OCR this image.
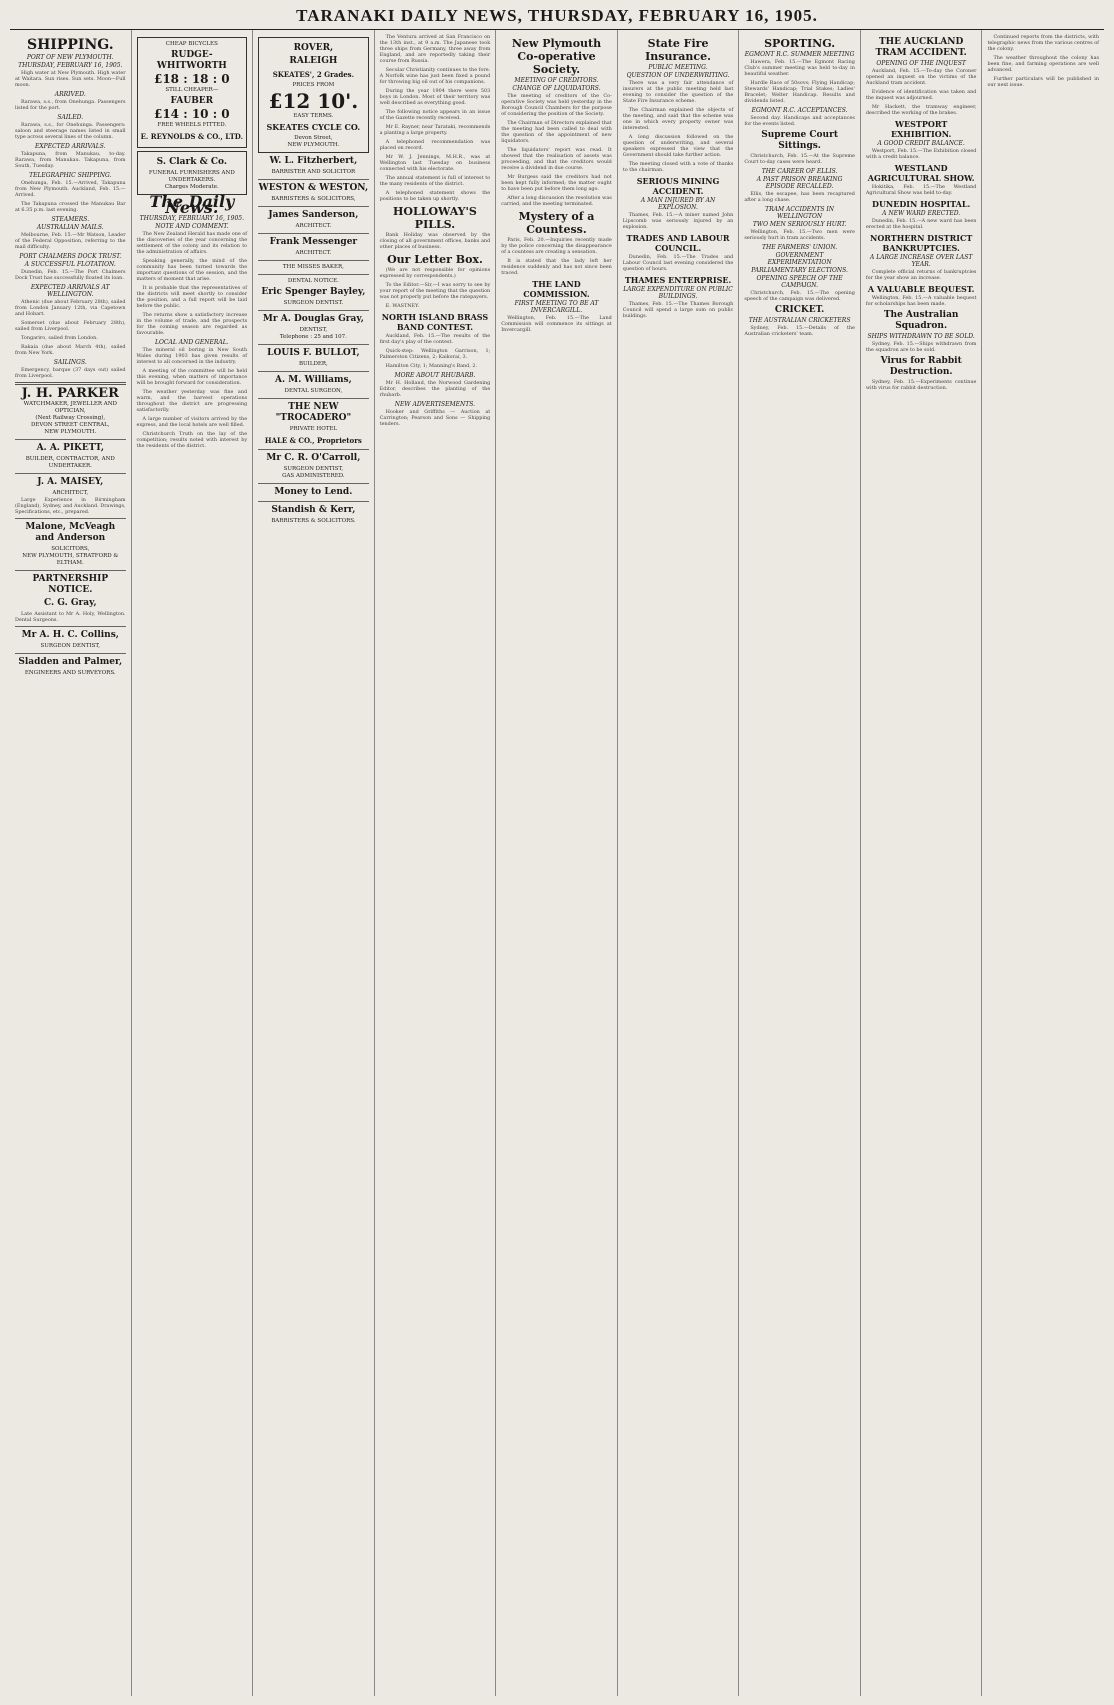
TARANAKI DAILY NEWS, THURSDAY, FEBRUARY 16, 1905.
SHIPPING.
PORT OF NEW PLYMOUTH.
THURSDAY, FEBRUARY 16, 1905.

High water at New Plymouth. High water at Waitara. Sun rises. Sun sets. Moon—Full moon.

ARRIVED.

Rarawa, s.s., from Onehunga. Passengers listed for the port.

SAILED.

Rarawa, s.s., for Onehunga. Passengers: saloon and steerage names listed in small type across several lines of the column.

EXPECTED ARRIVALS.

Takapuna, from Manukau, to-day. Rarawa, from Manukau. Takapuna, from South, Tuesday.

TELEGRAPHIC SHIPPING.

Onehunga, Feb. 15.—Arrived, Takapuna from New Plymouth. Auckland, Feb. 15.—Arrived.

The Takapuna crossed the Manukau Bar at 6.35 p.m. last evening.

STEAMERS.
AUSTRALIAN MAILS.

Melbourne, Feb. 15.—Mr Watson, Leader of the Federal Opposition, referring to the mail difficulty.

PORT CHALMERS DOCK TRUST.
A SUCCESSFUL FLOTATION.

Dunedin, Feb. 15.—The Port Chalmers Dock Trust has successfully floated its loan.

EXPECTED ARRIVALS AT WELLINGTON.

Athenic (due about February 28th), sailed from London January 12th, via Capetown and Hobart.

Somerset (due about February 28th), sailed from Liverpool.

Tongariro, sailed from London.

Rakaia (due about March 4th), sailed from New York.

SAILINGS.

Emergency, barque (37 days out) sailed from Liverpool.

J. H. PARKER
WATCHMAKER, JEWELLER AND
OPTICIAN,
(Next Railway Crossing),
DEVON STREET CENTRAL,
NEW PLYMOUTH.
A. A. PIKETT,
BUILDER, CONTRACTOR, AND UNDERTAKER.
J. A. MAISEY,
ARCHITECT,

Large Experience in Birmingham (England), Sydney, and Auckland. Drawings, Specifications, etc., prepared.

Malone, McVeagh and Anderson
SOLICITORS,
NEW PLYMOUTH, STRATFORD & ELTHAM.
PARTNERSHIP NOTICE.
C. G. Gray,

Late Assistant to Mr A. Holy, Wellington. Dental Surgeons.

Mr A. H. C. Collins,
SURGEON DENTIST,
Sladden and Palmer,
ENGINEERS AND SURVEYORS.
CHEAP BICYCLES
RUDGE-WHITWORTH
£18 : 18 : 0
STILL CHEAPER—
FAUBER
£14 : 10 : 0
FREE WHEELS FITTED.
E. REYNOLDS & CO., LTD.
S. Clark & Co.
FUNERAL FURNISHERS AND UNDERTAKERS.
Charges Moderate.
The Daily News.
THURSDAY, FEBRUARY 16, 1905.
NOTE AND COMMENT.

The New Zealand Herald has made one of the discoveries of the year concerning the settlement of the colony and its relation to the administration of affairs.

Speaking generally, the mind of the community has been turned towards the important questions of the session, and the matters of moment that arise.

It is probable that the representatives of the districts will meet shortly to consider the position, and a full report will be laid before the public.

The returns show a satisfactory increase in the volume of trade, and the prospects for the coming season are regarded as favourable.

LOCAL AND GENERAL.

The mineral oil boring in New South Wales during 1903 has given results of interest to all concerned in the industry.

A meeting of the committee will be held this evening, when matters of importance will be brought forward for consideration.

The weather yesterday was fine and warm, and the harvest operations throughout the district are progressing satisfactorily.

A large number of visitors arrived by the express, and the local hotels are well filled.

Christchurch Truth on the lay of the competition; results noted with interest by the residents of the district.

ROVER,
RALEIGH
SKEATES', 2 Grades.
PRICES FROM
£12 10'.
EASY TERMS.
SKEATES CYCLE CO.
Devon Street,
NEW PLYMOUTH.
W. L. Fitzherbert,
BARRISTER AND SOLICITOR
WESTON & WESTON,
BARRISTERS & SOLICITORS,
James Sanderson,
ARCHITECT.
Frank Messenger
ARCHITECT.
THE MISSES BAKER,
DENTAL NOTICE.
Eric Spenger Bayley,
SURGEON DENTIST.
Mr A. Douglas Gray,
DENTIST,
Telephone : 25 and 107.
LOUIS F. BULLOT,
BUILDER,
A. M. Williams,
DENTAL SURGEON,
THE NEW "TROCADERO"
PRIVATE HOTEL
HALE & CO., Proprietors
Mr C. R. O'Carroll,
SURGEON DENTIST,
GAS ADMINISTERED.
Money to Lend.
Standish & Kerr,
BARRISTERS & SOLICITORS.

The Ventura arrived at San Francisco on the 13th inst., at 9 a.m. The Japanese took three ships from Germany, three away from England, and are reportedly taking their course from Russia.

Secular Christianity continues to the fore. A Norfolk wine has just been fixed a pound for throwing big oil out of his companions.

During the year 1904 there were 503 boys in London. Most of their territory was well described as everything good.

The following notice appears in an issue of the Gazette recently received.

Mr E. Rayner, near Tarataki, recommends a planting a large property.

A telephoned recommendation was placed on record.

Mr W. J. Jennings, M.H.R., was at Wellington last Tuesday on business connected with his electorate.

The annual statement is full of interest to the many residents of the district.

A telephoned statement shows the positions to be taken up shortly.

HOLLOWAY'S PILLS.

Bank Holiday was observed by the closing of all government offices, banks and other places of business.

Our Letter Box.

(We are not responsible for opinions expressed by correspondents.)

To the Editor.—Sir,—I was sorry to see by your report of the meeting that the question was not properly put before the ratepayers.

E. WASTNEY.

NORTH ISLAND BRASS BAND CONTEST.

Auckland, Feb. 15.—The results of the first day's play of the contest.

Quick-step: Wellington Garrison, 1; Palmerston Citizens, 2; Kaikorai, 3.

Hamilton City, 1; Manning's Band, 2.

MORE ABOUT RHUBARB.

Mr H. Holland, the Norwood Gardening Editor, describes the planting of the rhubarb.

NEW ADVERTISEMENTS.

Hooker and Griffiths — Auction at Carrington; Pearson and Sons — Shipping tenders.

New Plymouth Co-operative Society.
MEETING OF CREDITORS.
CHANGE OF LIQUIDATORS.

The meeting of creditors of the Co-operative Society was held yesterday in the Borough Council Chambers for the purpose of considering the position of the Society.

The Chairman of Directors explained that the meeting had been called to deal with the question of the appointment of new liquidators.

The liquidators' report was read. It showed that the realisation of assets was proceeding, and that the creditors would receive a dividend in due course.

Mr Burgess said the creditors had not been kept fully informed; the matter ought to have been put before them long ago.

After a long discussion the resolution was carried, and the meeting terminated.

Mystery of a Countess.

Paris, Feb. 20.—Inquiries recently made by the police concerning the disappearance of a countess are creating a sensation.

It is stated that the lady left her residence suddenly and has not since been traced.

THE LAND COMMISSION.
FIRST MEETING TO BE AT INVERCARGILL.

Wellington, Feb. 15.—The Land Commission will commence its sittings at Invercargill.

State Fire Insurance.
PUBLIC MEETING.
QUESTION OF UNDERWRITING.

There was a very fair attendance of insurers at the public meeting held last evening to consider the question of the State Fire Insurance scheme.

The Chairman explained the objects of the meeting, and said that the scheme was one in which every property owner was interested.

A long discussion followed on the question of underwriting, and several speakers expressed the view that the Government should take further action.

The meeting closed with a vote of thanks to the chairman.

SERIOUS MINING ACCIDENT.
A MAN INJURED BY AN EXPLOSION.

Thames, Feb. 15.—A miner named John Lipscomb was seriously injured by an explosion.

TRADES AND LABOUR COUNCIL.

Dunedin, Feb. 15.—The Trades and Labour Council last evening considered the question of hours.

THAMES ENTERPRISE.
LARGE EXPENDITURE ON PUBLIC BUILDINGS.

Thames, Feb. 15.—The Thames Borough Council will spend a large sum on public buildings.

SPORTING.
EGMONT R.C. SUMMER MEETING

Hawera, Feb. 15.—The Egmont Racing Club's summer meeting was held to-day in beautiful weather.

Hurdle Race of 50sovs; Flying Handicap; Stewards' Handicap; Trial Stakes; Ladies' Bracelet; Welter Handicap. Results and dividends listed.

EGMONT R.C. ACCEPTANCES.

Second day. Handicaps and acceptances for the events listed.

Supreme Court Sittings.

Christchurch, Feb. 15.—At the Supreme Court to-day cases were heard.

THE CAREER OF ELLIS.
A PAST PRISON BREAKING EPISODE RECALLED.

Ellis, the escapee, has been recaptured after a long chase.

TRAM ACCIDENTS IN WELLINGTON
TWO MEN SERIOUSLY HURT.

Wellington, Feb. 15.—Two men were seriously hurt in tram accidents.

THE FARMERS' UNION.
GOVERNMENT EXPERIMENTATION
PARLIAMENTARY ELECTIONS.
OPENING SPEECH OF THE CAMPAIGN.

Christchurch, Feb. 15.—The opening speech of the campaign was delivered.

CRICKET.
THE AUSTRALIAN CRICKETERS

Sydney, Feb. 15.—Details of the Australian cricketers' team.

THE AUCKLAND TRAM ACCIDENT.
OPENING OF THE INQUEST

Auckland, Feb. 15.—To-day the Coroner opened an inquest on the victims of the Auckland tram accident.

Evidence of identification was taken and the inquest was adjourned.

Mr Hackett, the tramway engineer, described the working of the brakes.

WESTPORT EXHIBITION.
A GOOD CREDIT BALANCE.

Westport, Feb. 15.—The Exhibition closed with a credit balance.

WESTLAND AGRICULTURAL SHOW.

Hokitika, Feb. 15.—The Westland Agricultural Show was held to-day.

DUNEDIN HOSPITAL.
A NEW WARD ERECTED.

Dunedin, Feb. 15.—A new ward has been erected at the hospital.

NORTHERN DISTRICT BANKRUPTCIES.
A LARGE INCREASE OVER LAST YEAR.

Complete official returns of bankruptcies for the year show an increase.

A VALUABLE BEQUEST.

Wellington, Feb. 15.—A valuable bequest for scholarships has been made.

The Australian Squadron.
SHIPS WITHDRAWN TO BE SOLD.

Sydney, Feb. 15.—Ships withdrawn from the squadron are to be sold.

Virus for Rabbit Destruction.

Sydney, Feb. 15.—Experiments continue with virus for rabbit destruction.

Continued reports from the districts, with telegraphic news from the various centres of the colony.

The weather throughout the colony has been fine, and farming operations are well advanced.

Further particulars will be published in our next issue.
